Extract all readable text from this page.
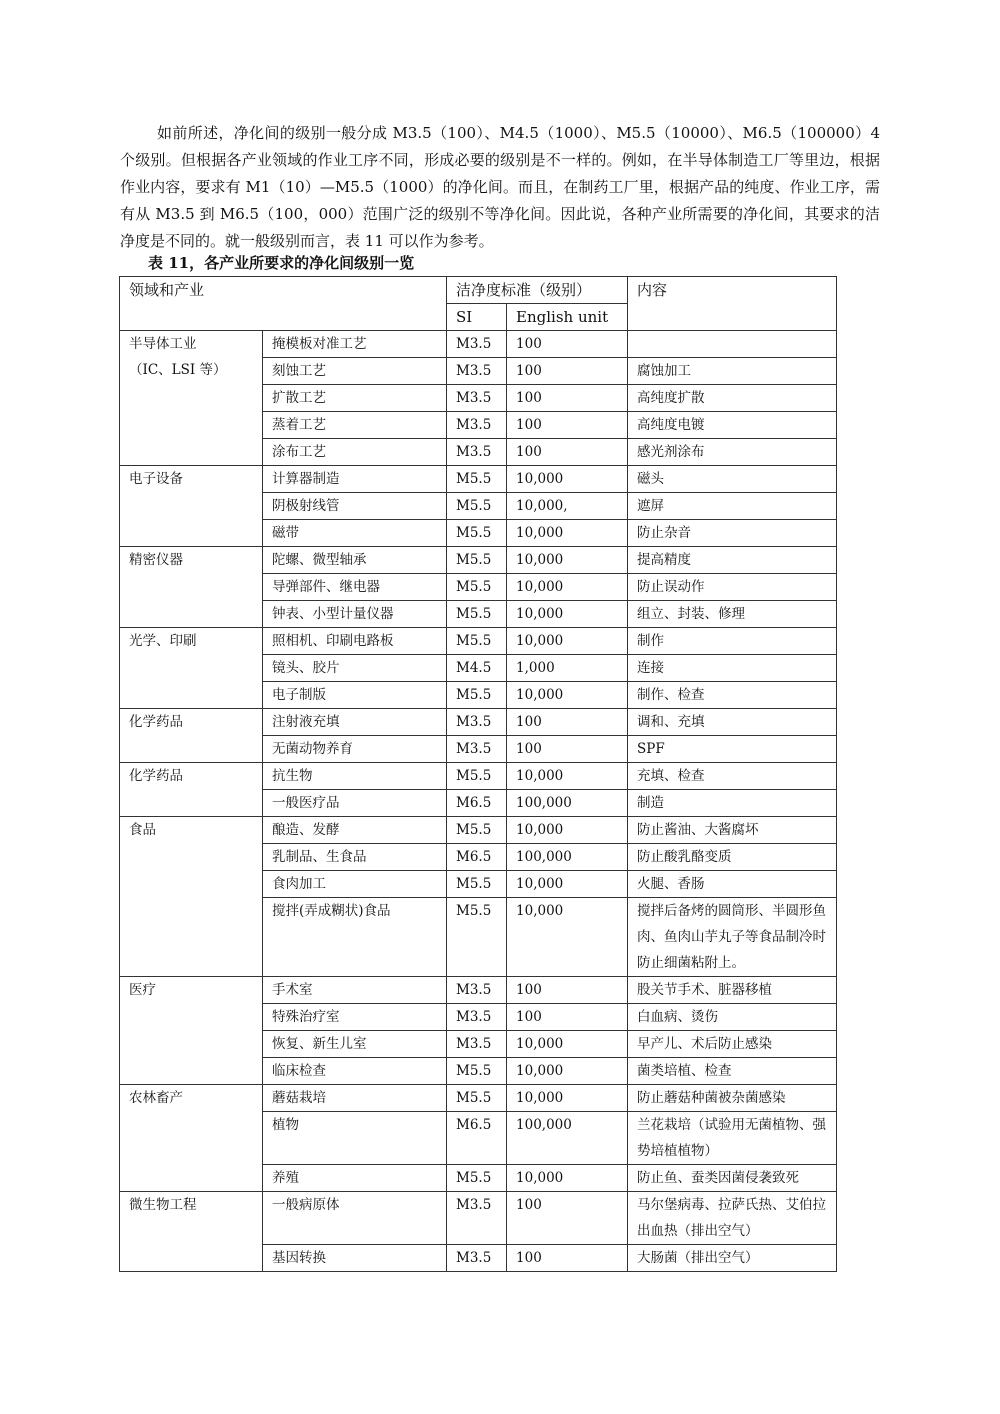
如前所述，净化间的级别一般分成 M3.5（100）、M4.5（1000）、M5.5（10000）、M6.5（100000）4 个级别。但根据各产业领域的作业工序不同，形成必要的级别是不一样的。例如，在半导体制造工厂等里边，根据作业内容，要求有 M1（10）—M5.5（1000）的净化间。而且，在制药工厂里，根据产品的纯度、作业工序，需有从 M3.5 到 M6.5（100，000）范围广泛的级别不等净化间。因此说，各种产业所需要的净化间，其要求的洁净度是不同的。就一般级别而言，表 11 可以作为参考。

表 11，各产业所要求的净化间级别一览

领域和产业		洁净度标准（级别）		内容
		SI	English unit	
半导体工业
（IC、LSI 等）	掩模板对准工艺	M3.5	100	
	刻蚀工艺	M3.5	100	腐蚀加工
	扩散工艺	M3.5	100	高纯度扩散
	蒸着工艺	M3.5	100	高纯度电镀
	涂布工艺	M3.5	100	感光剂涂布
电子设备	计算器制造	M5.5	10,000	磁头
	阴极射线管	M5.5	10,000,	遮屏
	磁带	M5.5	10,000	防止杂音
精密仪器	陀螺、微型轴承	M5.5	10,000	提高精度
	导弹部件、继电器	M5.5	10,000	防止误动作
	钟表、小型计量仪器	M5.5	10,000	组立、封装、修理
光学、印刷	照相机、印刷电路板	M5.5	10,000	制作
	镜头、胶片	M4.5	1,000	连接
	电子制版	M5.5	10,000	制作、检查
化学药品	注射液充填	M3.5	100	调和、充填
	无菌动物养育	M3.5	100	SPF
化学药品	抗生物	M5.5	10,000	充填、检查
	一般医疗品	M6.5	100,000	制造
食品	酿造、发酵	M5.5	10,000	防止酱油、大酱腐坏
	乳制品、生食品	M6.5	100,000	防止酸乳酪变质
	食肉加工	M5.5	10,000	火腿、香肠
	搅拌(弄成糊状)食品	M5.5	10,000	搅拌后备烤的圆筒形、半圆形鱼肉、鱼肉山芋丸子等食品制冷时防止细菌粘附上。
医疗	手术室	M3.5	100	股关节手术、脏器移植
	特殊治疗室	M3.5	100	白血病、烫伤
	恢复、新生儿室	M3.5	10,000	早产儿、术后防止感染
	临床检查	M5.5	10,000	菌类培植、检查
农林畜产	蘑菇栽培	M5.5	10,000	防止蘑菇种菌被杂菌感染
	植物	M6.5	100,000	兰花栽培（试验用无菌植物、强势培植植物）
	养殖	M5.5	10,000	防止鱼、蚕类因菌侵袭致死
微生物工程	一般病原体	M3.5	100	马尔堡病毒、拉萨氏热、艾伯拉出血热（排出空气）
	基因转换	M3.5	100	大肠菌（排出空气）
